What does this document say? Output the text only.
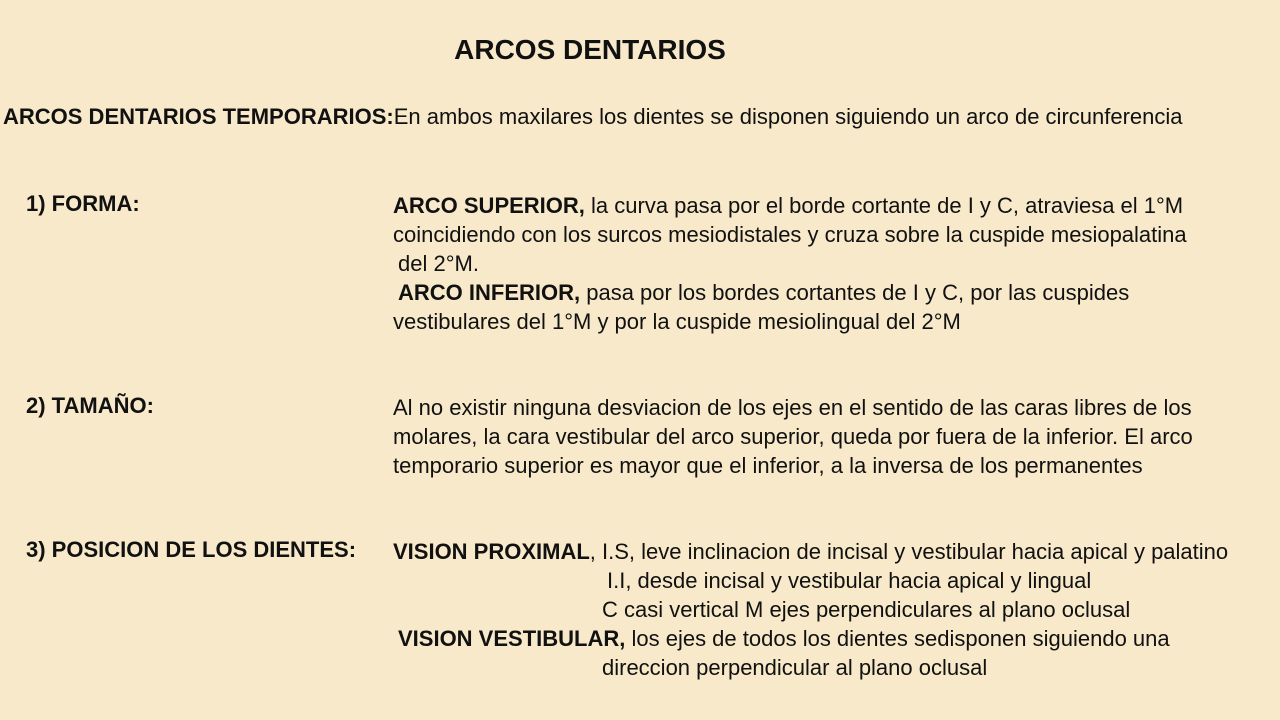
ARCOS DENTARIOS
ARCOS DENTARIOS TEMPORARIOS:En ambos maxilares los dientes se disponen siguiendo un arco de circunferencia
1) FORMA:	ARCO SUPERIOR, la curva pasa por el borde cortante de I y C, atraviesa el 1°M
coincidiendo con los surcos mesiodistales y cruza sobre la cuspide mesiopalatina
del 2°M.
ARCO INFERIOR, pasa por los bordes cortantes de I y C, por las cuspides
vestibulares del 1°M y por la cuspide mesiolingual del 2°M
2) TAMAÑO:	Al no existir ninguna desviacion de los ejes en el sentido de las caras libres de los
molares, la cara vestibular del arco superior, queda por fuera de la inferior. El arco
temporario superior es mayor que el inferior, a la inversa de los permanentes
3) POSICION DE LOS DIENTES: VISION PROXIMAL, I.S, leve inclinacion de incisal y vestibular hacia apical y palatino
I.I, desde incisal y vestibular hacia apical y lingual
C casi vertical M ejes perpendiculares al plano oclusal
VISION VESTIBULAR, los ejes de todos los dientes sedisponen siguiendo una
direccion perpendicular al plano oclusal
